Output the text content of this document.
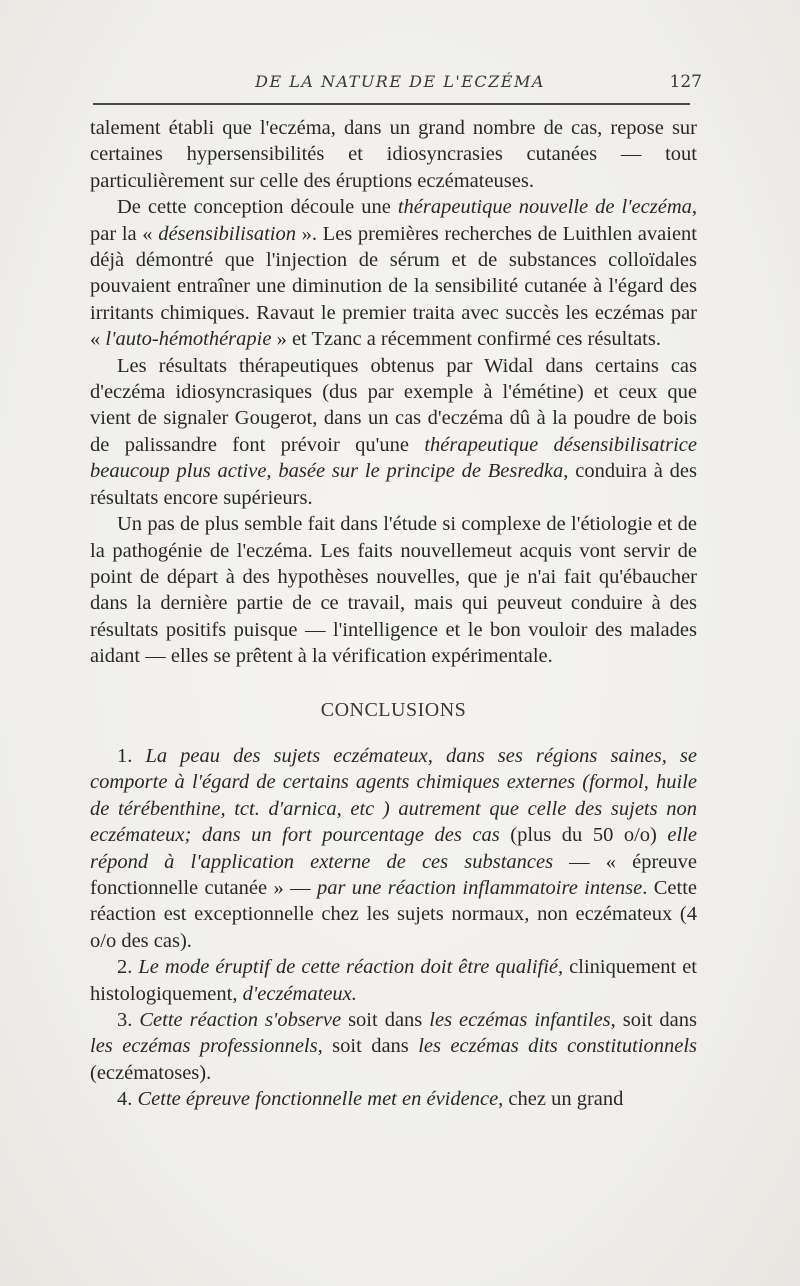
DE LA NATURE DE L'ECZÉMA	127

talement établi que l'eczéma, dans un grand nombre de cas, repose sur certaines hypersensibilités et idiosyncrasies cutanées — tout particulièrement sur celle des éruptions eczémateuses.

De cette conception découle une thérapeutique nouvelle de l'eczéma, par la « désensibilisation ». Les premières recherches de Luithlen avaient déjà démontré que l'injection de sérum et de substances colloïdales pouvaient entraîner une diminution de la sensibilité cutanée à l'égard des irritants chimiques. Ravaut le premier traita avec succès les eczémas par « l'auto-hémothérapie » et Tzanc a récemment confirmé ces résultats.

Les résultats thérapeutiques obtenus par Widal dans certains cas d'eczéma idiosyncrasiques (dus par exemple à l'émétine) et ceux que vient de signaler Gougerot, dans un cas d'eczéma dû à la poudre de bois de palissandre font prévoir qu'une thérapeutique désensibilisatrice beaucoup plus active, basée sur le principe de Besredka, conduira à des résultats encore supérieurs.

Un pas de plus semble fait dans l'étude si complexe de l'étiologie et de la pathogénie de l'eczéma. Les faits nouvellemeut acquis vont servir de point de départ à des hypothèses nouvelles, que je n'ai fait qu'ébaucher dans la dernière partie de ce travail, mais qui peuveut conduire à des résultats positifs puisque — l'intelligence et le bon vouloir des malades aidant — elles se prêtent à la vérification expérimentale.

CONCLUSIONS

1. La peau des sujets eczémateux, dans ses régions saines, se comporte à l'égard de certains agents chimiques externes (formol, huile de térébenthine, tct. d'arnica, etc ) autrement que celle des sujets non eczémateux; dans un fort pourcentage des cas (plus du 50 o/o) elle répond à l'application externe de ces substances — « épreuve fonctionnelle cutanée » — par une réaction inflammatoire intense. Cette réaction est exceptionnelle chez les sujets normaux, non eczémateux (4 o/o des cas).

2. Le mode éruptif de cette réaction doit être qualifié, cliniquement et histologiquement, d'eczémateux.

3. Cette réaction s'observe soit dans les eczémas infantiles, soit dans les eczémas professionnels, soit dans les eczémas dits constitutionnels (eczématoses).

4. Cette épreuve fonctionnelle met en évidence, chez un grand
